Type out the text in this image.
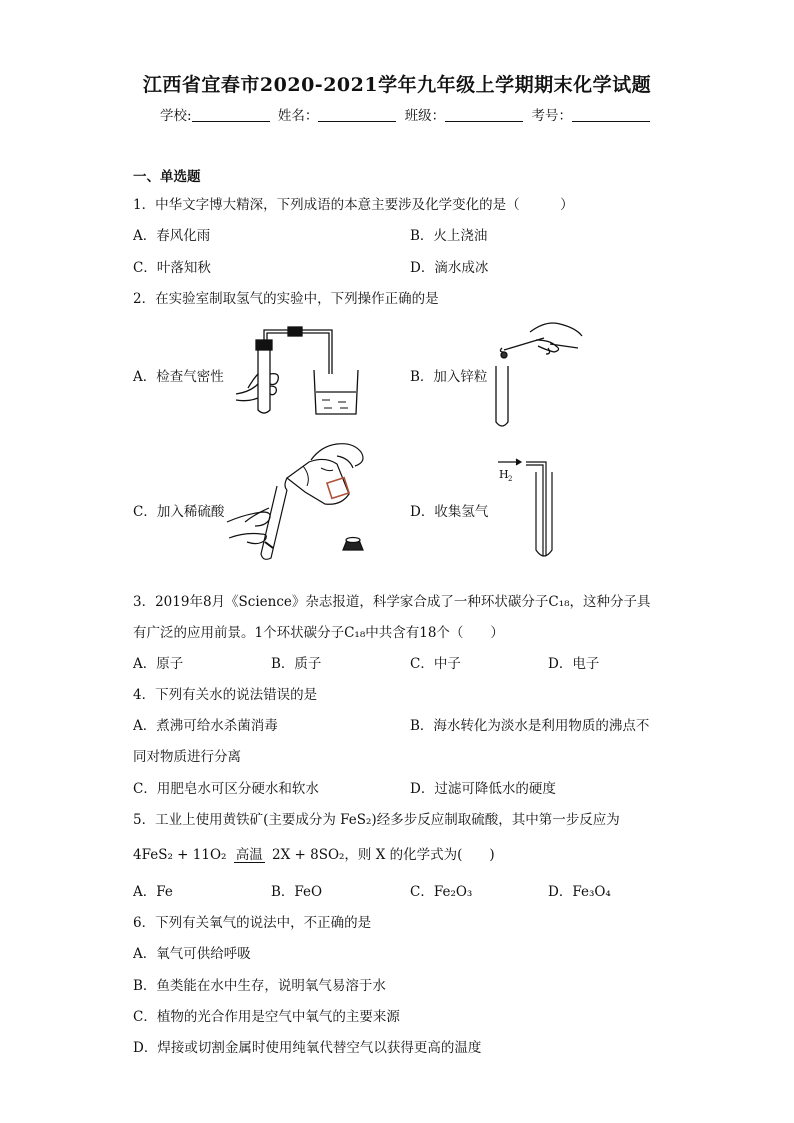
江西省宜春市2020-2021学年九年级上学期期末化学试题
学校:	姓名：	班级：	考号：
一、单选题
1．中华文字博大精深，下列成语的本意主要涉及化学变化的是（　　　）
A．春风化雨	B．火上浇油
C．叶落知秋	D．滴水成冰
2．在实验室制取氢气的实验中，下列操作正确的是
A．检查气密性	B．加入锌粒
C．加入稀硫酸	D．收集氢气
H 2
3．2019年8月《Science》杂志报道，科学家合成了一种环状碳分子C₁₈，这种分子具
有广泛的应用前景。1个环状碳分子C₁₈中共含有18个（　　）
A．原子	B．质子	C．中子	D．电子
4．下列有关水的说法错误的是
A．煮沸可给水杀菌消毒	B．海水转化为淡水是利用物质的沸点不
同对物质进行分离
C．用肥皂水可区分硬水和软水	D．过滤可降低水的硬度
5．工业上使用黄铁矿(主要成分为 FeS₂)经多步反应制取硫酸，其中第一步反应为
4FeS₂ + 11O₂ 高温 2X + 8SO₂，则 X 的化学式为(　　)
A．Fe	B．FeO	C．Fe₂O₃	D．Fe₃O₄
6．下列有关氧气的说法中，不正确的是
A．氧气可供给呼吸
B．鱼类能在水中生存，说明氧气易溶于水
C．植物的光合作用是空气中氧气的主要来源
D．焊接或切割金属时使用纯氧代替空气以获得更高的温度
